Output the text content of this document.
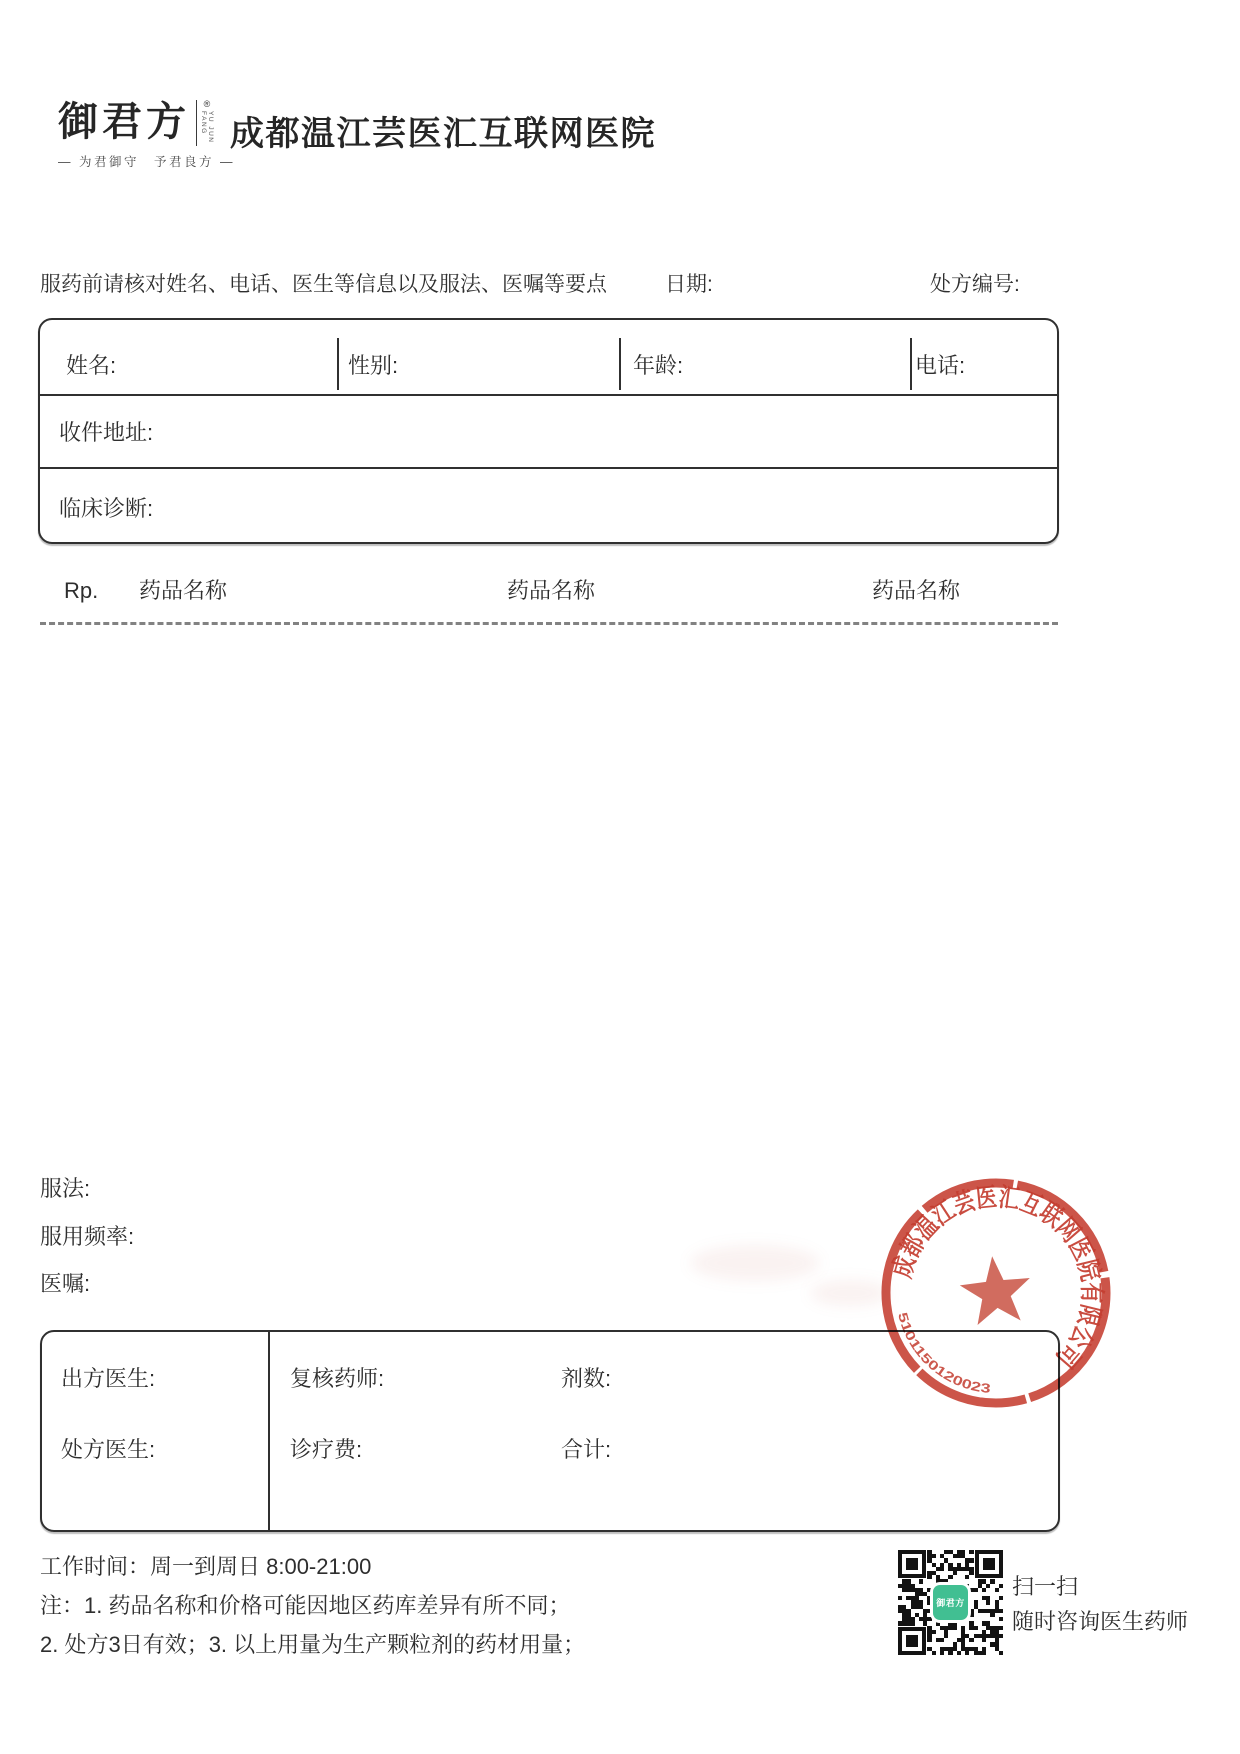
御君方 ®
YU JUN FANG
— 为君御守　予君良方 —
成都温江芸医汇互联网医院
服药前请核对姓名、电话、医生等信息以及服法、医嘱等要点	日期:	处方编号:
姓名:	性别:	年龄:	电话:
收件地址:
临床诊断:
Rp. 药品名称	药品名称	药品名称
服法:
服用频率:
医嘱:
出方医生:	复核药师:	剂数:
处方医生:	诊疗费:	合计:
成都温江芸医汇互联网医院有限公司
5101150120023
工作时间：周一到周日 8:00-21:00
注：1. 药品名称和价格可能因地区药库差异有所不同；
2. 处方3日有效；3. 以上用量为生产颗粒剂的药材用量；
御君方
扫一扫
随时咨询医生药师
